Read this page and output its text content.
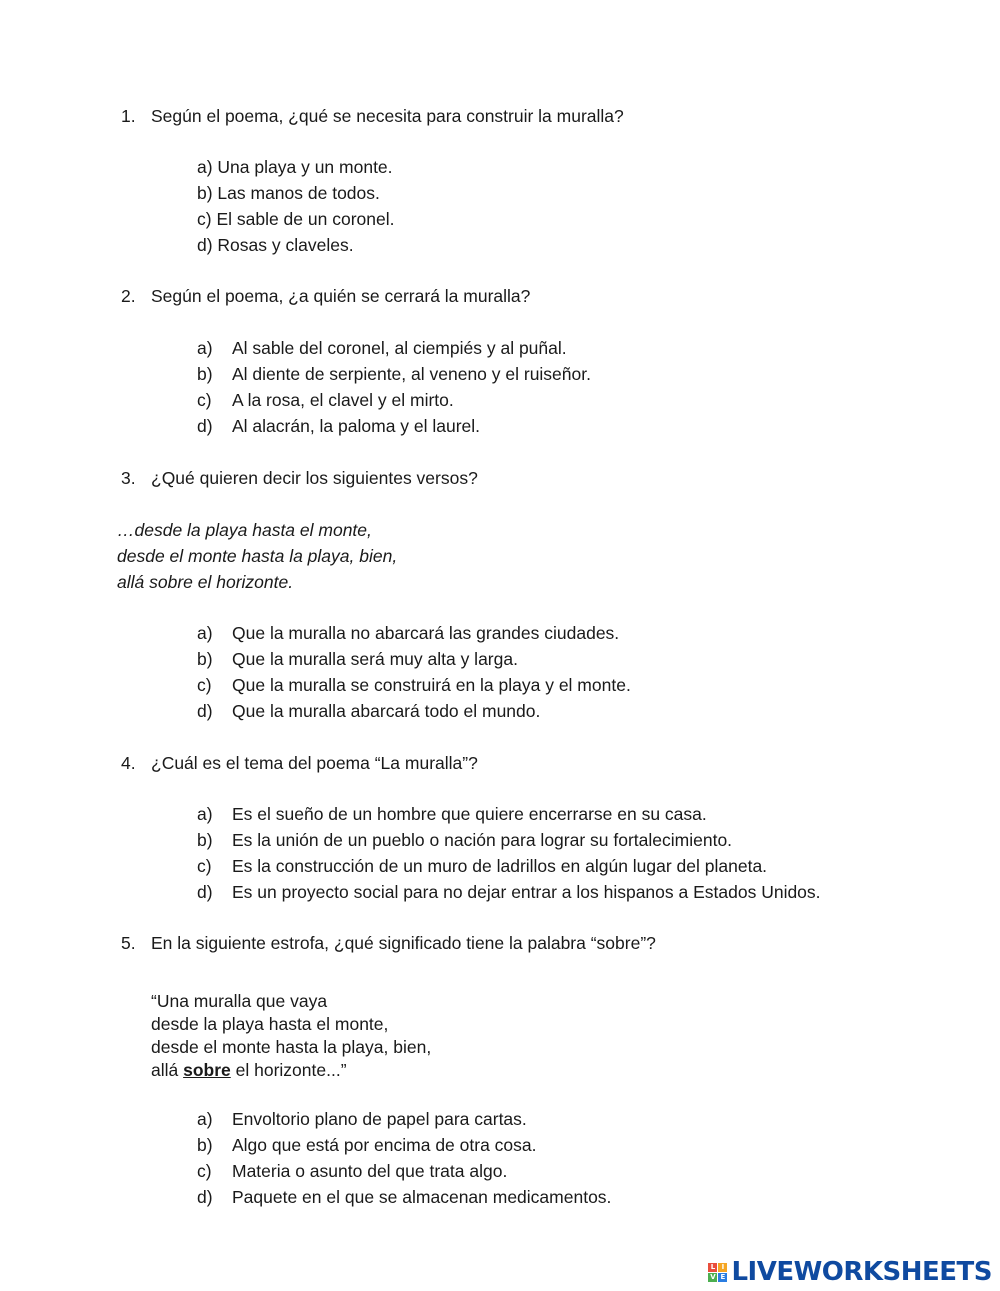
1. Según el poema, ¿qué se necesita para construir la muralla?
a) Una playa y un monte.
b) Las manos de todos.
c) El sable de un coronel.
d) Rosas y claveles.
2. Según el poema, ¿a quién se cerrará la muralla?
a) Al sable del coronel, al ciempiés y al puñal.
b) Al diente de serpiente, al veneno y el ruiseñor.
c) A la rosa, el clavel y el mirto.
d) Al alacrán, la paloma y el laurel.
3. ¿Qué quieren decir los siguientes versos?
…desde la playa hasta el monte,
desde el monte hasta la playa, bien,
allá sobre el horizonte.
a) Que la muralla no abarcará las grandes ciudades.
b) Que la muralla será muy alta y larga.
c) Que la muralla se construirá en la playa y el monte.
d) Que la muralla abarcará todo el mundo.
4. ¿Cuál es el tema del poema “La muralla”?
a) Es el sueño de un hombre que quiere encerrarse en su casa.
b) Es la unión de un pueblo o nación para lograr su fortalecimiento.
c) Es la construcción de un muro de ladrillos en algún lugar del planeta.
d) Es un proyecto social para no dejar entrar a los hispanos a Estados Unidos.
5. En la siguiente estrofa, ¿qué significado tiene la palabra “sobre”?
“Una muralla que vaya
desde la playa hasta el monte,
desde el monte hasta la playa, bien,
allá sobre el horizonte...”
a) Envoltorio plano de papel para cartas.
b) Algo que está por encima de otra cosa.
c) Materia o asunto del que trata algo.
d) Paquete en el que se almacenan medicamentos.
L I
V E LIVEWORKSHEETS
